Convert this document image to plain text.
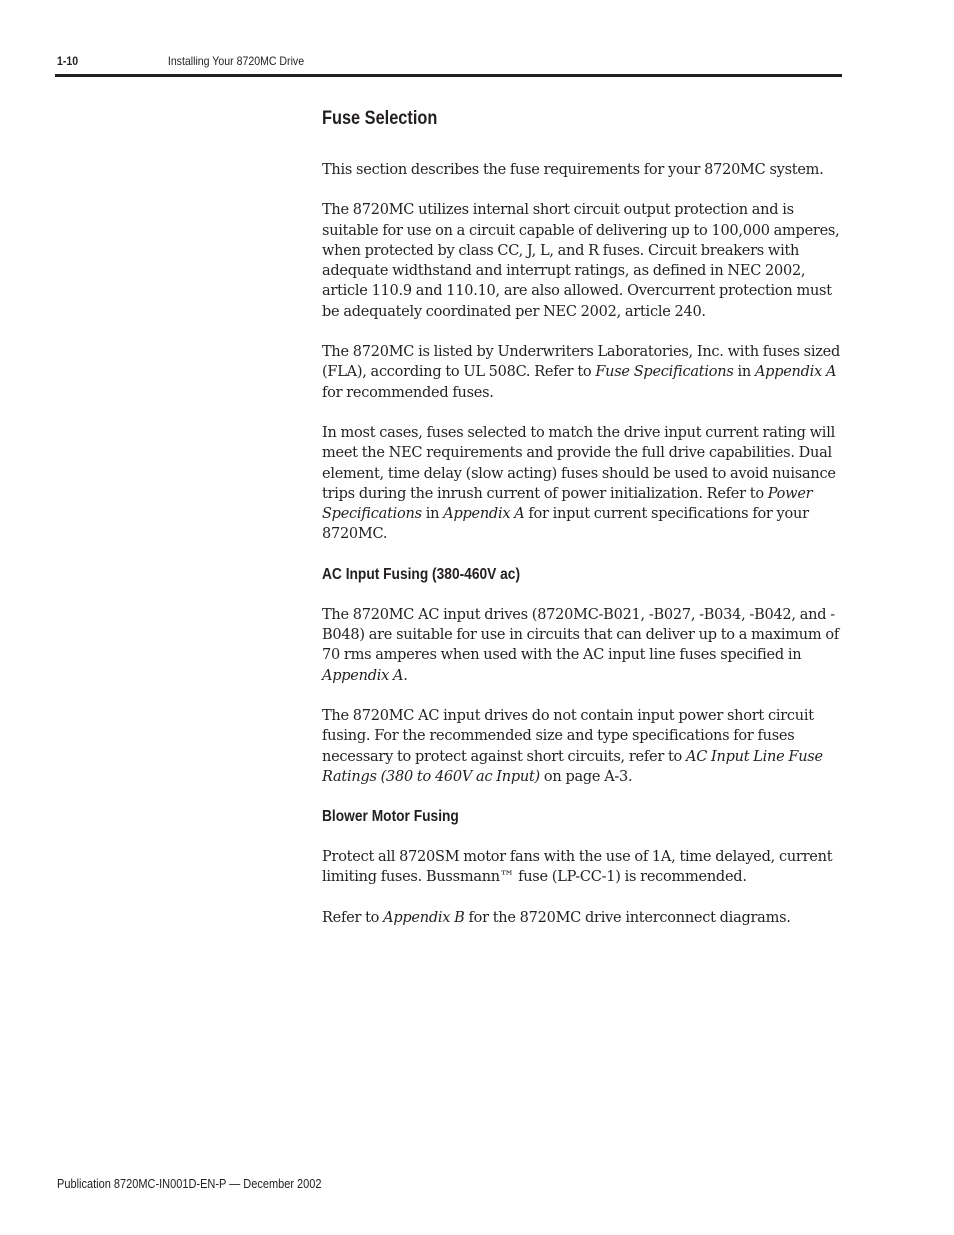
1-10	Installing Your 8720MC Drive
Fuse Selection

This section describes the fuse requirements for your 8720MC system.

The 8720MC utilizes internal short circuit output protection and is suitable for use on a circuit capable of delivering up to 100,000 amperes, when protected by class CC, J, L, and R fuses. Circuit breakers with adequate widthstand and interrupt ratings, as defined in NEC 2002, article 110.9 and 110.10, are also allowed. Overcurrent protection must be adequately coordinated per NEC 2002, article 240.

The 8720MC is listed by Underwriters Laboratories, Inc. with fuses sized (FLA), according to UL 508C. Refer to Fuse Specifications in Appendix A for recommended fuses.

In most cases, fuses selected to match the drive input current rating will meet the NEC requirements and provide the full drive capabilities. Dual element, time delay (slow acting) fuses should be used to avoid nuisance trips during the inrush current of power initialization. Refer to Power Specifications in Appendix A for input current specifications for your 8720MC.

AC Input Fusing (380-460V ac)

The 8720MC AC input drives (8720MC-B021, -B027, -B034, -B042, and -B048) are suitable for use in circuits that can deliver up to a maximum of 70 rms amperes when used with the AC input line fuses specified in Appendix A.

The 8720MC AC input drives do not contain input power short circuit fusing. For the recommended size and type specifications for fuses necessary to protect against short circuits, refer to AC Input Line Fuse Ratings (380 to 460V ac Input) on page A-3.

Blower Motor Fusing

Protect all 8720SM motor fans with the use of 1A, time delayed, current limiting fuses. Bussmann™ fuse (LP-CC-1) is recommended.

Refer to Appendix B for the 8720MC drive interconnect diagrams.

Publication 8720MC-IN001D-EN-P — December 2002
